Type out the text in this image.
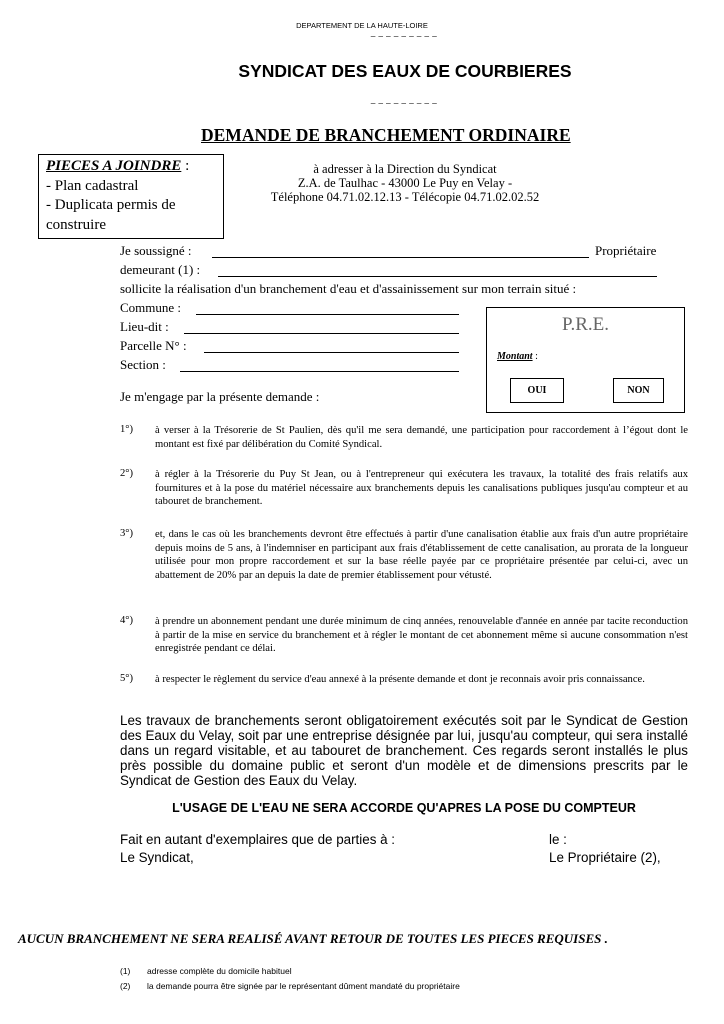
DEPARTEMENT DE LA HAUTE-LOIRE
_ _ _ _ _ _ _ _ _
SYNDICAT DES EAUX DE COURBIERES
_ _ _ _ _ _ _ _ _
DEMANDE DE BRANCHEMENT ORDINAIRE
PIECES A JOINDRE :
- Plan cadastral
- Duplicata permis de
construire
à adresser à la Direction du Syndicat
Z.A. de Taulhac - 43000 Le Puy en Velay -
Téléphone 04.71.02.12.13 - Télécopie 04.71.02.02.52
Je soussigné :	Propriétaire
demeurant (1) :
sollicite la réalisation d'un branchement d'eau et d'assainissement sur mon terrain situé :
Commune :
Lieu-dit :
Parcelle N° :
Section :
Je m'engage par la présente demande :
P.R.E.
Montant :
OUI	NON
1°) à verser à la Trésorerie de St Paulien, dès qu'il me sera demandé, une participation pour raccordement à l’égout dont le montant est fixé par délibération du Comité Syndical.
2°) à régler à la Trésorerie du Puy St Jean, ou à l'entrepreneur qui exécutera les travaux, la totalité des frais relatifs aux fournitures et à la pose du matériel nécessaire aux branchements depuis les canalisations publiques jusqu'au compteur et au tabouret de branchement.
3°) et, dans le cas où les branchements devront être effectués à partir d'une canalisation établie aux frais d'un autre propriétaire depuis moins de 5 ans, à l'indemniser en participant aux frais d'établissement de cette canalisation, au prorata de la longueur utilisée pour mon propre raccordement et sur la base réelle payée par ce propriétaire présentée par celui-ci, avec un abattement de 20% par an depuis la date de premier établissement pour vétusté.
4°) à prendre un abonnement pendant une durée minimum de cinq années, renouvelable d'année en année par tacite reconduction à partir de la mise en service du branchement et à régler le montant de cet abonnement même si aucune consommation n'est enregistrée pendant ce délai.
5°) à respecter le règlement du service d'eau annexé à la présente demande et dont je reconnais avoir pris connaissance.
Les travaux de branchements seront obligatoirement exécutés soit par le Syndicat de Gestion des Eaux du Velay, soit par une entreprise désignée par lui, jusqu'au compteur, qui sera installé dans un regard visitable, et au tabouret de branchement. Ces regards seront installés le plus près possible du domaine public et seront d'un modèle et de dimensions prescrits par le Syndicat de Gestion des Eaux du Velay.
L'USAGE DE L'EAU NE SERA ACCORDE QU'APRES LA POSE DU COMPTEUR
Fait en autant d'exemplaires que de parties à :	le :
Le Syndicat,	Le Propriétaire (2),
AUCUN BRANCHEMENT NE SERA REALISÉ AVANT RETOUR DE TOUTES LES PIECES REQUISES .
(1) adresse complète du domicile habituel
(2) la demande pourra être signée par le représentant dûment mandaté du propriétaire
